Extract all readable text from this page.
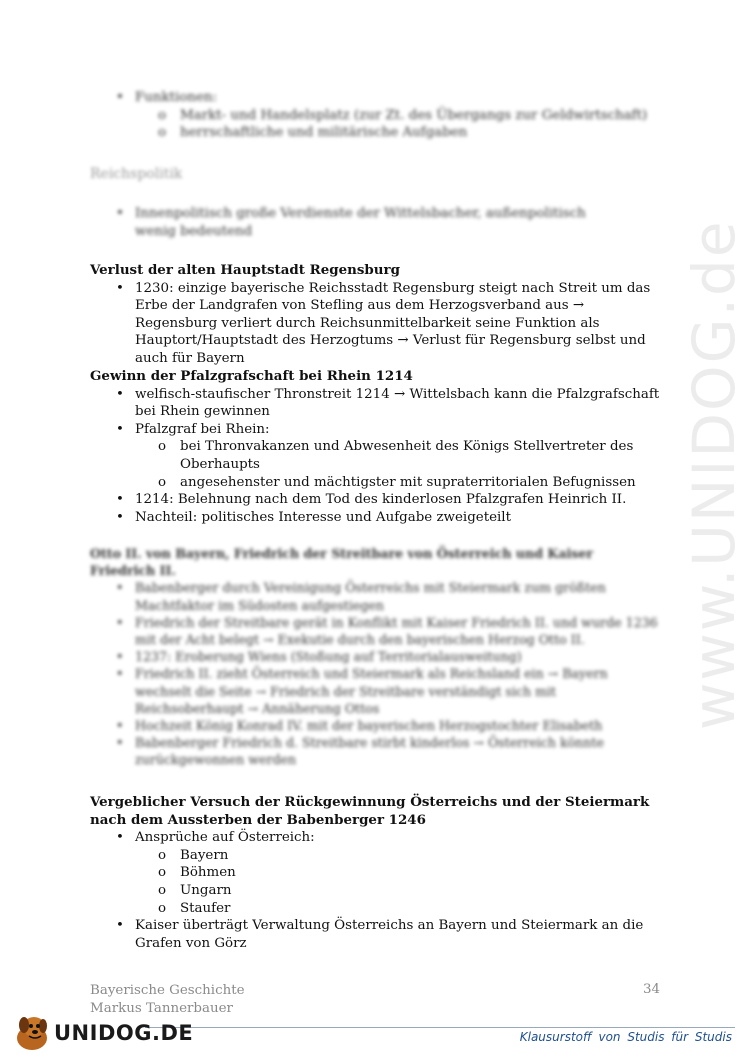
www.UNIDOG.de
• Funktionen:
o Markt- und Handelsplatz (zur Zt. des Übergangs zur Geldwirtschaft)
o herrschaftliche und militärische Aufgaben
Reichspolitik
• Innenpolitisch große Verdienste der Wittelsbacher, außenpolitisch wenig bedeutend
Verlust der alten Hauptstadt Regensburg
• 1230: einzige bayerische Reichsstadt Regensburg steigt nach Streit um das Erbe der Landgrafen von Stefling aus dem Herzogsverband aus → Regensburg verliert durch Reichsunmittelbarkeit seine Funktion als Hauptort/Hauptstadt des Herzogtums → Verlust für Regensburg selbst und auch für Bayern
Gewinn der Pfalzgrafschaft bei Rhein 1214
• welfisch-staufischer Thronstreit 1214 → Wittelsbach kann die Pfalzgrafschaft bei Rhein gewinnen
• Pfalzgraf bei Rhein:
o bei Thronvakanzen und Abwesenheit des Königs Stellvertreter des Oberhaupts
o angesehenster und mächtigster mit supraterritorialen Befugnissen
• 1214: Belehnung nach dem Tod des kinderlosen Pfalzgrafen Heinrich II.
• Nachteil: politisches Interesse und Aufgabe zweigeteilt
Otto II. von Bayern, Friedrich der Streitbare von Österreich und Kaiser Friedrich II.
• Babenberger durch Vereinigung Österreichs mit Steiermark zum größten Machtfaktor im Südosten aufgestiegen
• Friedrich der Streitbare gerät in Konflikt mit Kaiser Friedrich II. und wurde 1236 mit der Acht belegt → Exekutie durch den bayerischen Herzog Otto II.
• 1237: Eroberung Wiens (Stoßung auf Territorialausweitung)
• Friedrich II. zieht Österreich und Steiermark als Reichsland ein → Bayern wechselt die Seite → Friedrich der Streitbare verständigt sich mit Reichsoberhaupt → Annäherung Ottos
• Hochzeit König Konrad IV. mit der bayerischen Herzogstochter Elisabeth
• Babenberger Friedrich d. Streitbare stirbt kinderlos → Österreich könnte zurückgewonnen werden
Vergeblicher Versuch der Rückgewinnung Österreichs und der Steiermark nach dem Aussterben der Babenberger 1246
• Ansprüche auf Österreich:
o Bayern
o Böhmen
o Ungarn
o Staufer
• Kaiser überträgt Verwaltung Österreichs an Bayern und Steiermark an die Grafen von Görz
Bayerische Geschichte
Markus Tannerbauer
34
UNIDOG.DE	Klausurstoff von Studis für Studis
